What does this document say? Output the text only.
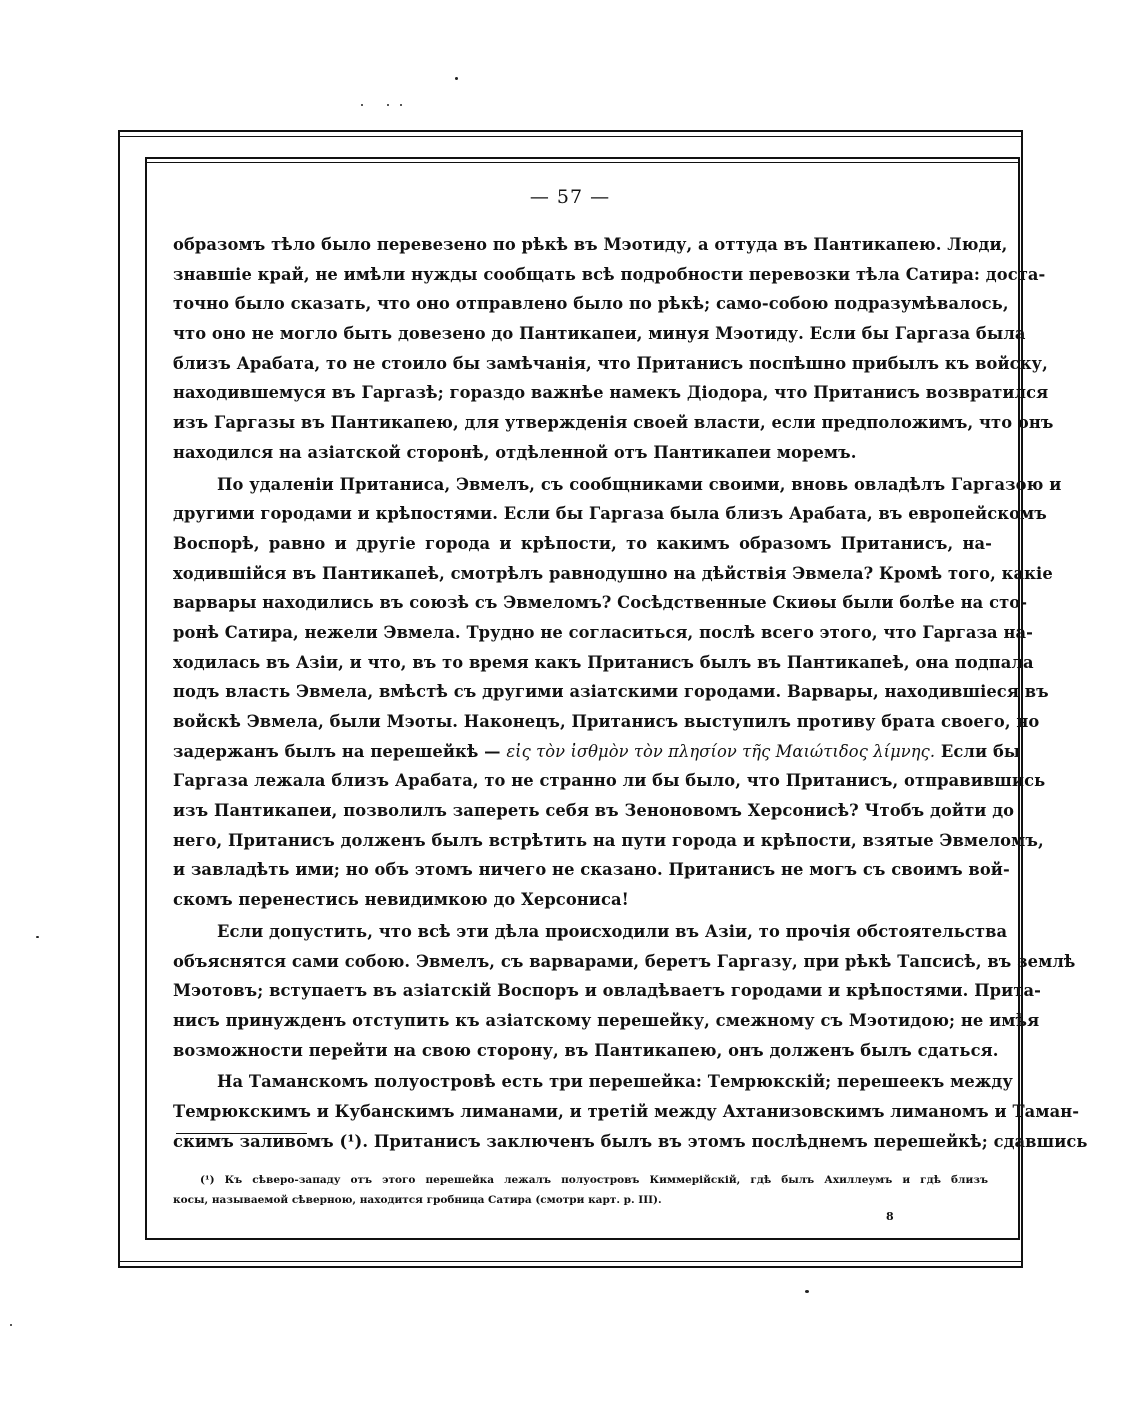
— 57 —
образомъ тѣло было перевезено по рѣкѣ въ Мэотиду, а оттуда въ Пантикапею. Люди,
знавшіе край, не имѣли нужды сообщать всѣ подробности перевозки тѣла Сатира: доста-
точно было сказать, что оно отправлено было по рѣкѣ; само-собою подразумѣвалось,
что оно не могло быть довезено до Пантикапеи, минуя Мэотиду. Если бы Гаргаза была
близъ Арабата, то не стоило бы замѣчанія, что Пританисъ поспѣшно прибылъ къ войску,
находившемуся въ Гаргазѣ; гораздо важнѣе намекъ Діодора, что Пританисъ возвратился
изъ Гаргазы въ Пантикапею, для утвержденія своей власти, если предположимъ, что онъ
находился на азіатской сторонѣ, отдѣленной отъ Пантикапеи моремъ.
По удаленіи Пританиса, Эвмелъ, съ сообщниками своими, вновь овладѣлъ Гаргазою и
другими городами и крѣпостями. Если бы Гаргаза была близъ Арабата, въ европейскомъ
Воспорѣ, равно и другіе города и крѣпости, то какимъ образомъ Пританисъ, на-
ходившійся въ Пантикапеѣ, смотрѣлъ равнодушно на дѣйствія Эвмела? Кромѣ того, какіе
варвары находились въ союзѣ съ Эвмеломъ? Сосѣдственные Скиѳы были болѣе на сто-
ронѣ Сатира, нежели Эвмела. Трудно не согласиться, послѣ всего этого, что Гаргаза на-
ходилась въ Азіи, и что, въ то время какъ Пританисъ былъ въ Пантикапеѣ, она подпала
подъ власть Эвмела, вмѣстѣ съ другими азіатскими городами. Варвары, находившіеся въ
войскѣ Эвмела, были Мэоты. Наконецъ, Пританисъ выступилъ противу брата своего, но
задержанъ былъ на перешейкѣ — εἰς τὸν ἰσθμὸν τὸν πλησίον τῆς Μαιώτιδος λίμνης. Если бы
Гаргаза лежала близъ Арабата, то не странно ли бы было, что Пританисъ, отправившись
изъ Пантикапеи, позволилъ запереть себя въ Зеноновомъ Херсонисѣ? Чтобъ дойти до
него, Пританисъ долженъ былъ встрѣтить на пути города и крѣпости, взятые Эвмеломъ,
и завладѣть ими; но объ этомъ ничего не сказано. Пританисъ не могъ съ своимъ вой-
скомъ перенестись невидимкою до Херсониса!
Если допустить, что всѣ эти дѣла происходили въ Азіи, то прочія обстоятельства
объяснятся сами собою. Эвмелъ, съ варварами, беретъ Гаргазу, при рѣкѣ Тапсисѣ, въ землѣ
Мэотовъ; вступаетъ въ азіатскій Воспоръ и овладѣваетъ городами и крѣпостями. Прита-
нисъ принужденъ отступить къ азіатскому перешейку, смежному съ Мэотидою; не имѣя
возможности перейти на свою сторону, въ Пантикапею, онъ долженъ былъ сдаться.
На Таманскомъ полуостровѣ есть три перешейка: Темрюкскій; перешеекъ между
Темрюкскимъ и Кубанскимъ лиманами, и третій между Ахтанизовскимъ лиманомъ и Таман-
скимъ заливомъ (¹). Пританисъ заключенъ былъ въ этомъ послѣднемъ перешейкѣ; сдавшись
(¹) Къ сѣверо-западу отъ этого перешейка лежалъ полуостровъ Киммерійскій, гдѣ былъ Ахиллеумъ и гдѣ близъ
косы, называемой сѣверною, находится гробница Сатира (смотри карт. р. III).
8
